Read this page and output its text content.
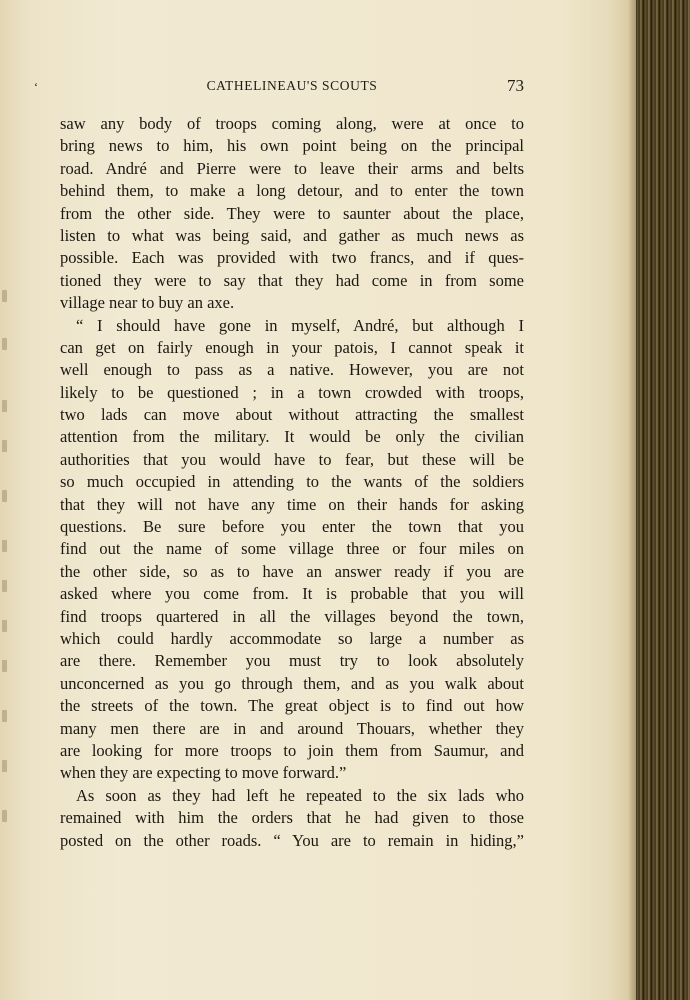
‘	CATHELINEAU'S SCOUTS	73
saw any body of troops coming along, were at once to
bring news to him, his own point being on the principal
road. André and Pierre were to leave their arms and belts
behind them, to make a long detour, and to enter the town
from the other side. They were to saunter about the place,
listen to what was being said, and gather as much news as
possible. Each was provided with two francs, and if ques-
tioned they were to say that they had come in from some
village near to buy an axe.
“ I should have gone in myself, André, but although I
can get on fairly enough in your patois, I cannot speak it
well enough to pass as a native. However, you are not
likely to be questioned ; in a town crowded with troops,
two lads can move about without attracting the smallest
attention from the military. It would be only the civilian
authorities that you would have to fear, but these will be
so much occupied in attending to the wants of the soldiers
that they will not have any time on their hands for asking
questions. Be sure before you enter the town that you
find out the name of some village three or four miles on
the other side, so as to have an answer ready if you are
asked where you come from. It is probable that you will
find troops quartered in all the villages beyond the town,
which could hardly accommodate so large a number as
are there. Remember you must try to look absolutely
unconcerned as you go through them, and as you walk about
the streets of the town. The great object is to find out how
many men there are in and around Thouars, whether they
are looking for more troops to join them from Saumur, and
when they are expecting to move forward.”
As soon as they had left he repeated to the six lads who
remained with him the orders that he had given to those
posted on the other roads. “ You are to remain in hiding,”
